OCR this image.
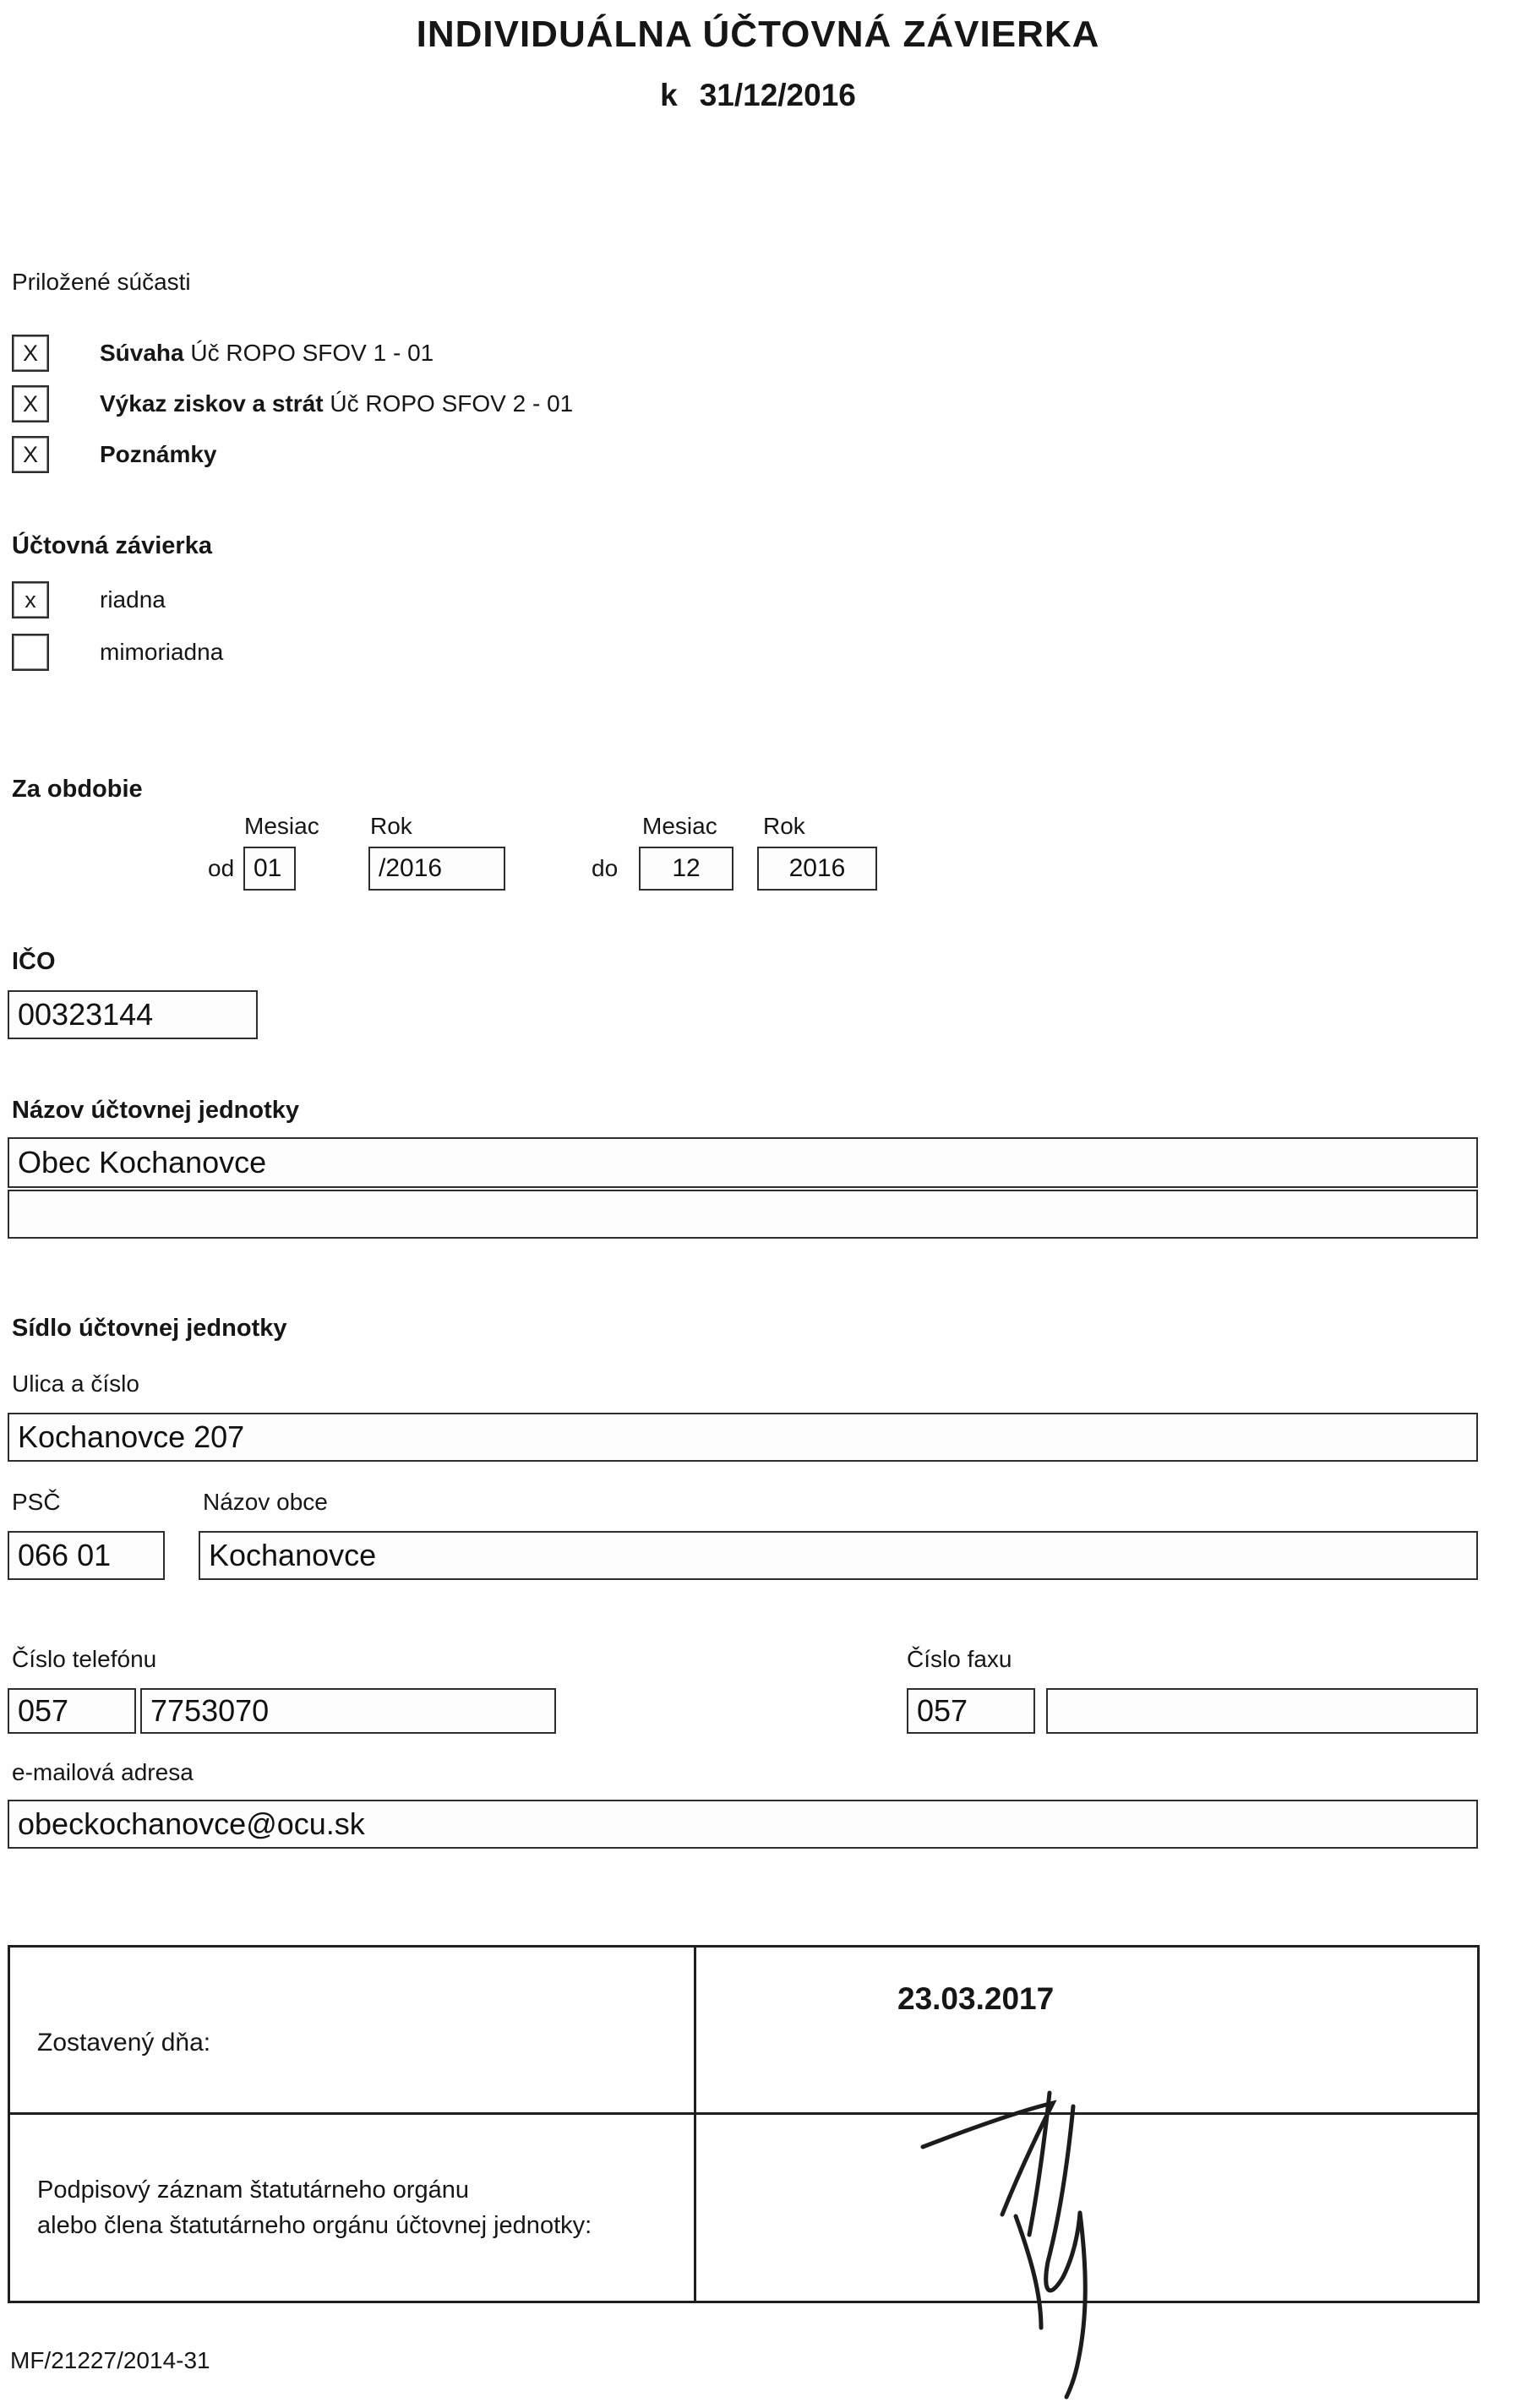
INDIVIDUÁLNA ÚČTOVNÁ ZÁVIERKA
k 31/12/2016
Priložené súčasti
X	Súvaha Úč ROPO SFOV 1 - 01
X	Výkaz ziskov a strát Úč ROPO SFOV 2 - 01
X	Poznámky
Účtovná závierka
x	riadna
mimoriadna
Za obdobie
Mesiac Rok	Mesiac Rok
od 01	/2016	do	12	2016
IČO
00323144
Názov účtovnej jednotky
Obec Kochanovce
Sídlo účtovnej jednotky
Ulica a číslo
Kochanovce 207
PSČ	Názov obce
066 01	Kochanovce
Číslo telefónu	Číslo faxu
057	7753070	057
e-mailová adresa
obeckochanovce@ocu.sk
Zostavený dňa:
23.03.2017
Podpisový záznam štatutárneho orgánu
alebo člena štatutárneho orgánu účtovnej jednotky:
MF/21227/2014-31
